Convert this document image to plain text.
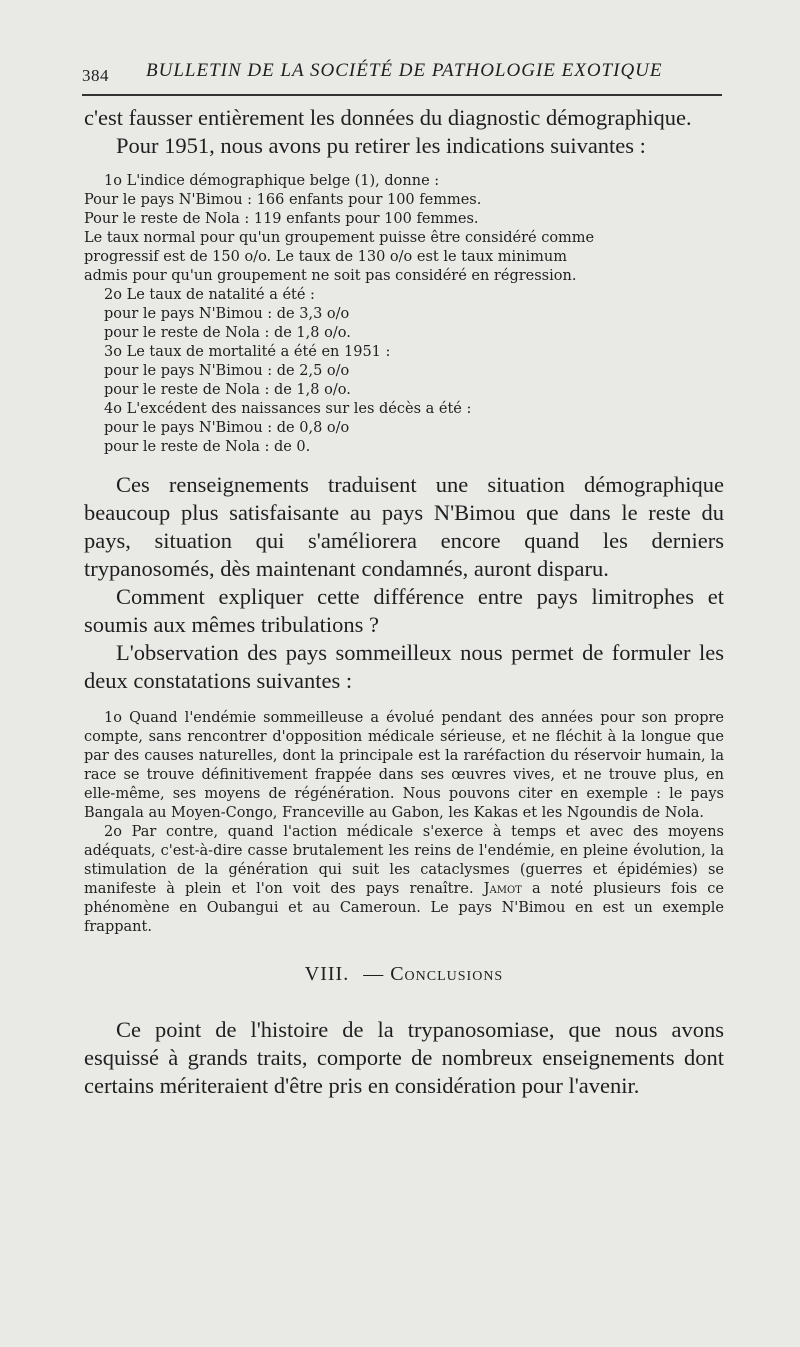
384 BULLETIN DE LA SOCIÉTÉ DE PATHOLOGIE EXOTIQUE

c'est fausser entièrement les données du diagnostic démographique.

Pour 1951, nous avons pu retirer les indications suivantes :

1o L'indice démographique belge (1), donne :
Pour le pays N'Bimou : 166 enfants pour 100 femmes.
Pour le reste de Nola : 119 enfants pour 100 femmes.
Le taux normal pour qu'un groupement puisse être considéré comme
progressif est de 150 o/o. Le taux de 130 o/o est le taux minimum
admis pour qu'un groupement ne soit pas considéré en régression.
2o Le taux de natalité a été :
pour le pays N'Bimou : de 3,3 o/o
pour le reste de Nola : de 1,8 o/o.
3o Le taux de mortalité a été en 1951 :
pour le pays N'Bimou : de 2,5 o/o
pour le reste de Nola : de 1,8 o/o.
4o L'excédent des naissances sur les décès a été :
pour le pays N'Bimou : de 0,8 o/o
pour le reste de Nola : de 0.

Ces renseignements traduisent une situation démographique beaucoup plus satisfaisante au pays N'Bimou que dans le reste du pays, situation qui s'améliorera encore quand les derniers trypanosomés, dès maintenant condamnés, auront disparu.

Comment expliquer cette différence entre pays limitrophes et soumis aux mêmes tribulations ?

L'observation des pays sommeilleux nous permet de formuler les deux constatations suivantes :

1o Quand l'endémie sommeilleuse a évolué pendant des années pour son propre compte, sans rencontrer d'opposition médicale sérieuse, et ne fléchit à la longue que par des causes naturelles, dont la principale est la raréfaction du réservoir humain, la race se trouve définitivement frappée dans ses œuvres vives, et ne trouve plus, en elle-même, ses moyens de régénération. Nous pouvons citer en exemple : le pays Bangala au Moyen-Congo, Franceville au Gabon, les Kakas et les Ngoundis de Nola.

2o Par contre, quand l'action médicale s'exerce à temps et avec des moyens adéquats, c'est-à-dire casse brutalement les reins de l'endémie, en pleine évolution, la stimulation de la génération qui suit les cataclysmes (guerres et épidémies) se manifeste à plein et l'on voit des pays renaître. Jamot a noté plusieurs fois ce phénomène en Oubangui et au Cameroun. Le pays N'Bimou en est un exemple frappant.

VIII. — Conclusions

Ce point de l'histoire de la trypanosomiase, que nous avons esquissé à grands traits, comporte de nombreux enseignements dont certains mériteraient d'être pris en considération pour l'avenir.
